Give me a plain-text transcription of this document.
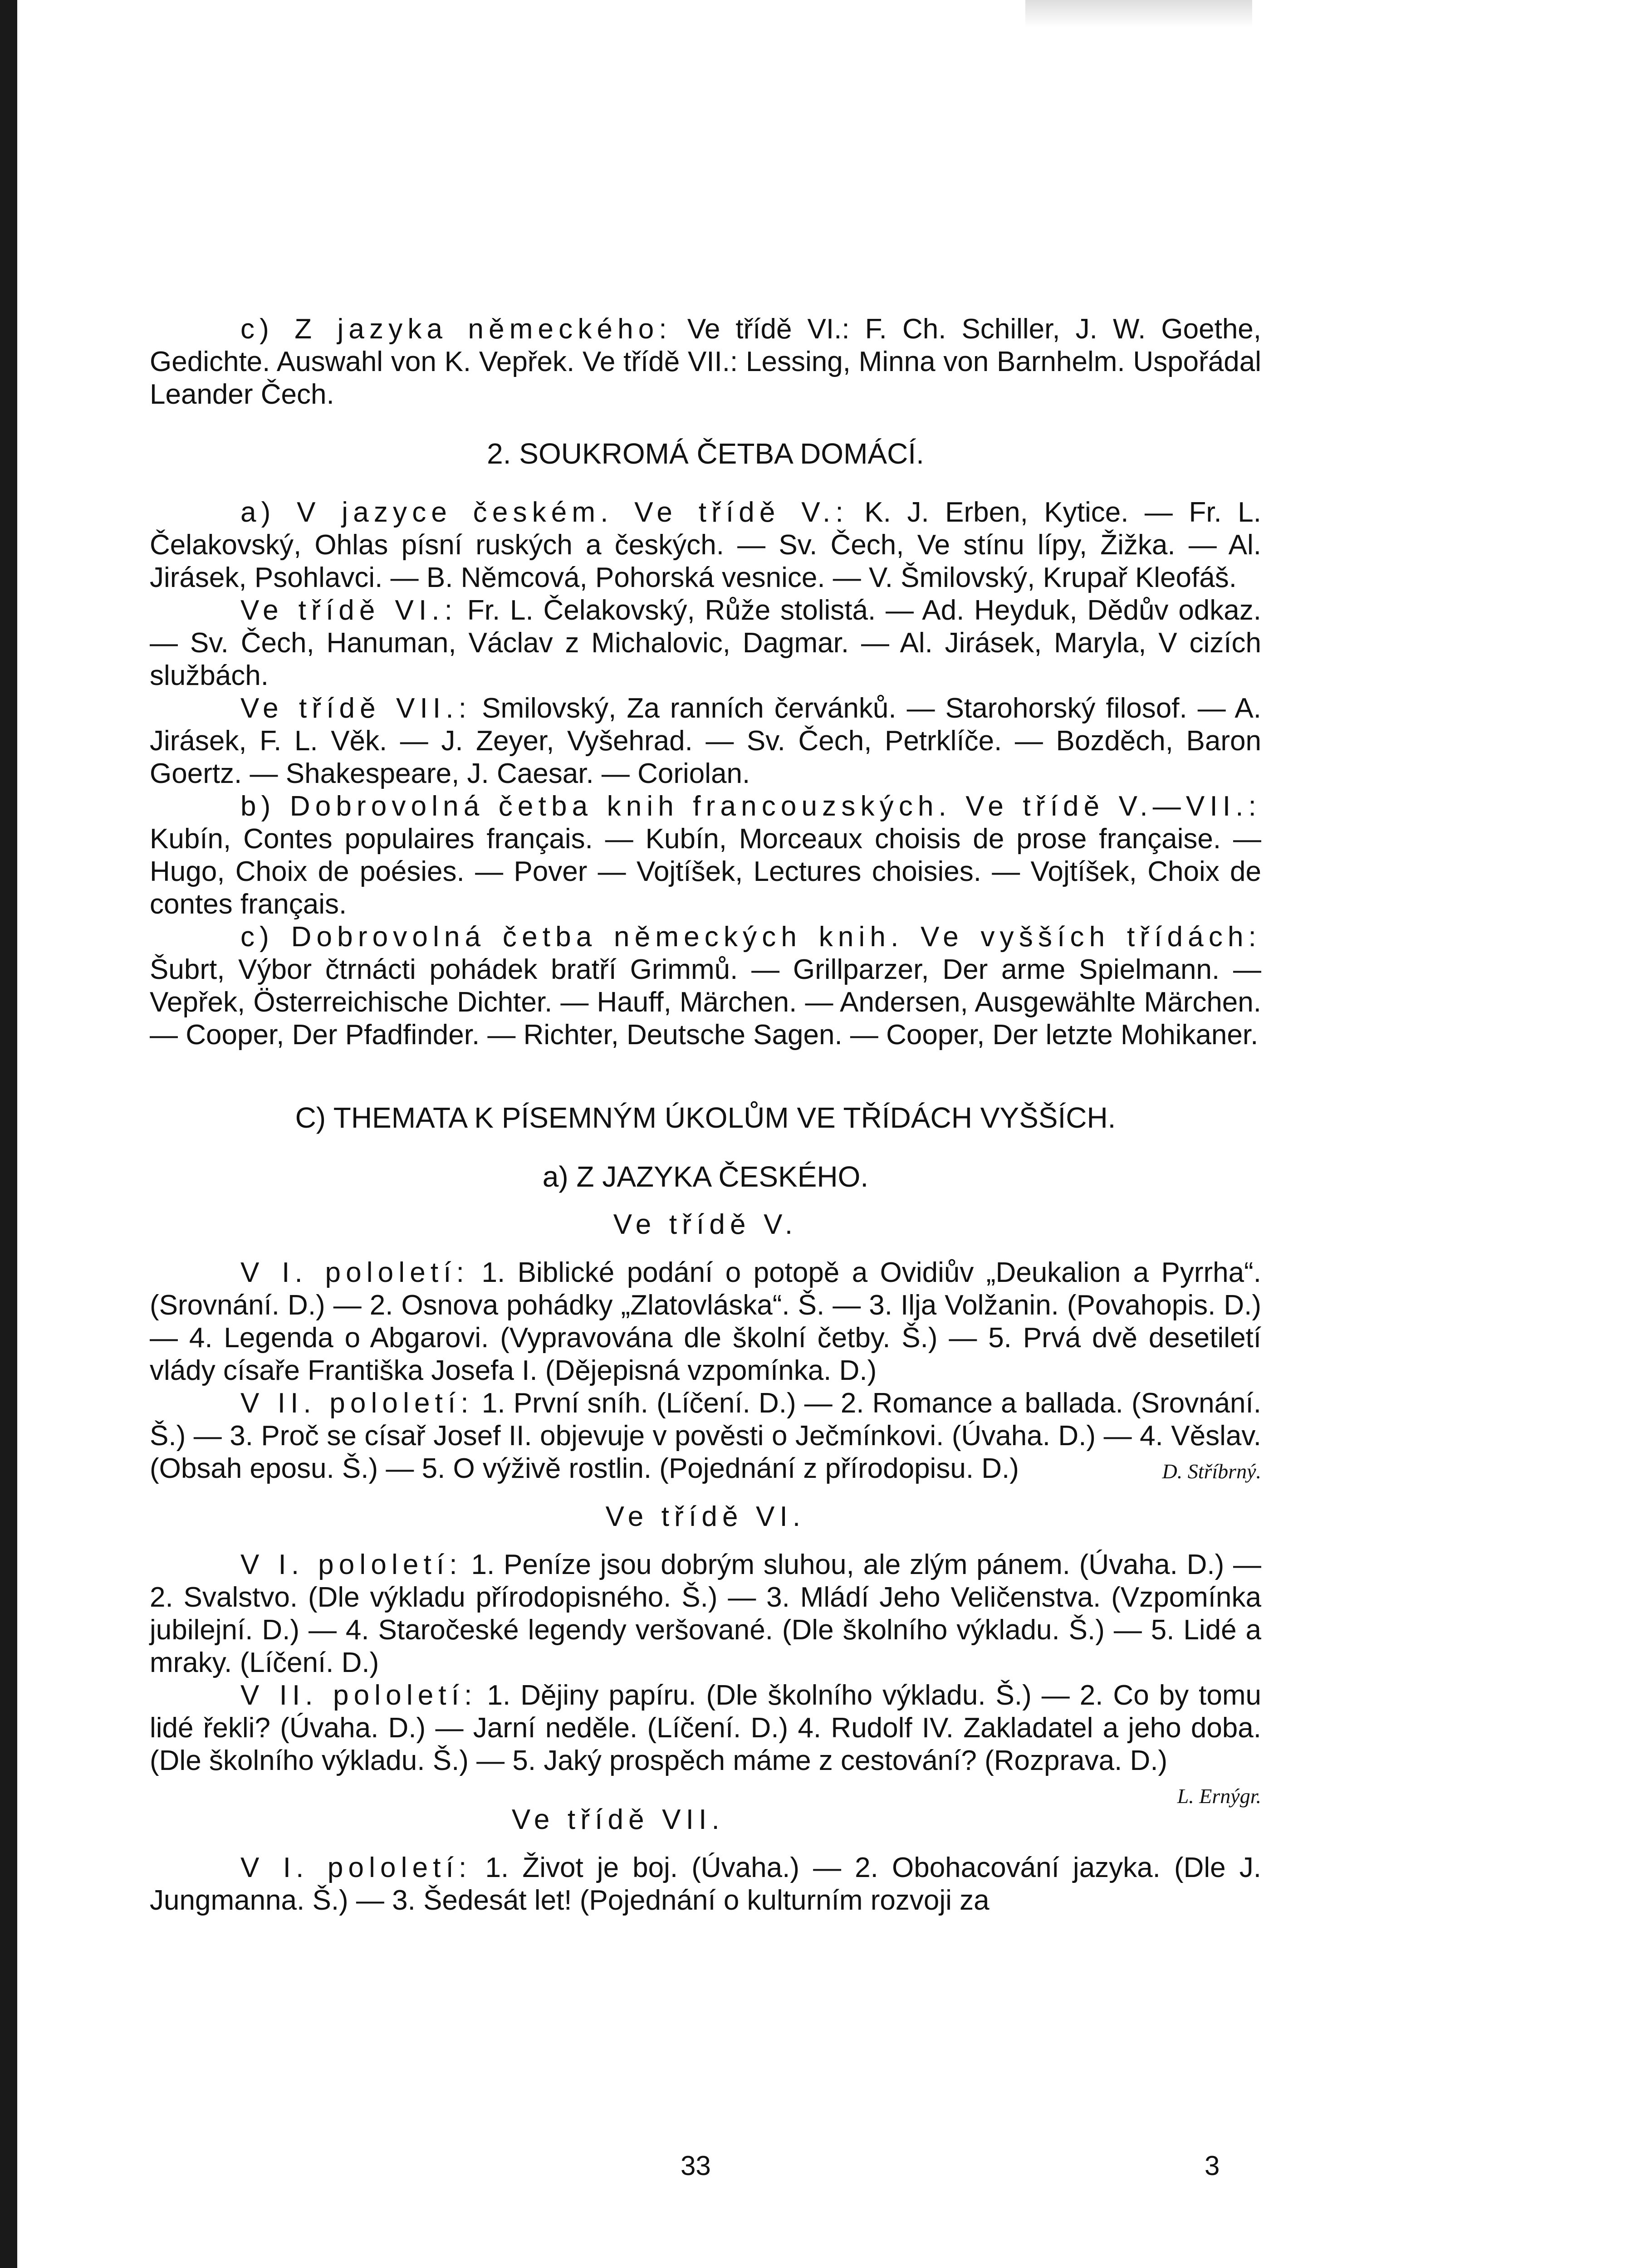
c) Z jazyka německého: Ve třídě VI.: F. Ch. Schiller, J. W. Goethe, Gedichte. Auswahl von K. Vepřek. Ve třídě VII.: Lessing, Minna von Barnhelm. Uspořádal Leander Čech.

2. SOUKROMÁ ČETBA DOMÁCÍ.

a) V jazyce českém. Ve třídě V.: K. J. Erben, Kytice. — Fr. L. Čelakovský, Ohlas písní ruských a českých. — Sv. Čech, Ve stínu lípy, Žižka. — Al. Jirásek, Psohlavci. — B. Němcová, Pohorská vesnice. — V. Šmilovský, Krupař Kleofáš.

Ve třídě VI.: Fr. L. Čelakovský, Růže stolistá. — Ad. Heyduk, Dědův odkaz. — Sv. Čech, Hanuman, Václav z Michalovic, Dagmar. — Al. Jirásek, Maryla, V cizích službách.

Ve třídě VII.: Smilovský, Za ranních červánků. — Starohorský filosof. — A. Jirásek, F. L. Věk. — J. Zeyer, Vyšehrad. — Sv. Čech, Petrklíče. — Bozděch, Baron Goertz. — Shakespeare, J. Caesar. — Coriolan.

b) Dobrovolná četba knih francouzských. Ve třídě V.—VII.: Kubín, Contes populaires français. — Kubín, Morceaux choisis de prose française. — Hugo, Choix de poésies. — Pover — Vojtíšek, Lectures choisies. — Vojtíšek, Choix de contes français.

c) Dobrovolná četba německých knih. Ve vyšších třídách: Šubrt, Výbor čtrnácti pohádek bratří Grimmů. — Grillparzer, Der arme Spielmann. — Vepřek, Österreichische Dichter. — Hauff, Märchen. — Andersen, Ausgewählte Märchen. — Cooper, Der Pfadfinder. — Richter, Deutsche Sagen. — Cooper, Der letzte Mohikaner.

C) THEMATA K PÍSEMNÝM ÚKOLŮM VE TŘÍDÁCH VYŠŠÍCH.

a) Z JAZYKA ČESKÉHO.

Ve třídě V.

V I. pololetí: 1. Biblické podání o potopě a Ovidiův „Deukalion a Pyrrha“. (Srovnání. D.) — 2. Osnova pohádky „Zlatovláska“. Š. — 3. Ilja Volžanin. (Povahopis. D.) — 4. Legenda o Abgarovi. (Vypravována dle školní četby. Š.) — 5. Prvá dvě desetiletí vlády císaře Františka Josefa I. (Dějepisná vzpomínka. D.)

V II. pololetí: 1. První sníh. (Líčení. D.) — 2. Romance a ballada. (Srovnání. Š.) — 3. Proč se císař Josef II. objevuje v pověsti o Ječmínkovi. (Úvaha. D.) — 4. Věslav. (Obsah eposu. Š.) — 5. O výživě rostlin. (Pojednání z přírodopisu. D.)	D. Stříbrný.

Ve třídě VI.

V I. pololetí: 1. Peníze jsou dobrým sluhou, ale zlým pánem. (Úvaha. D.) — 2. Svalstvo. (Dle výkladu přírodopisného. Š.) — 3. Mládí Jeho Veličenstva. (Vzpomínka jubilejní. D.) — 4. Staročeské legendy veršované. (Dle školního výkladu. Š.) — 5. Lidé a mraky. (Líčení. D.)

V II. pololetí: 1. Dějiny papíru. (Dle školního výkladu. Š.) — 2. Co by tomu lidé řekli? (Úvaha. D.) — Jarní neděle. (Líčení. D.) 4. Rudolf IV. Zakladatel a jeho doba. (Dle školního výkladu. Š.) — 5. Jaký prospěch máme z cestování? (Rozprava. D.)
L. Ernýgr.

Ve třídě VII.

V I. pololetí: 1. Život je boj. (Úvaha.) — 2. Obohacování jazyka. (Dle J. Jungmanna. Š.) — 3. Šedesát let! (Pojednání o kulturním rozvoji za

33	3
